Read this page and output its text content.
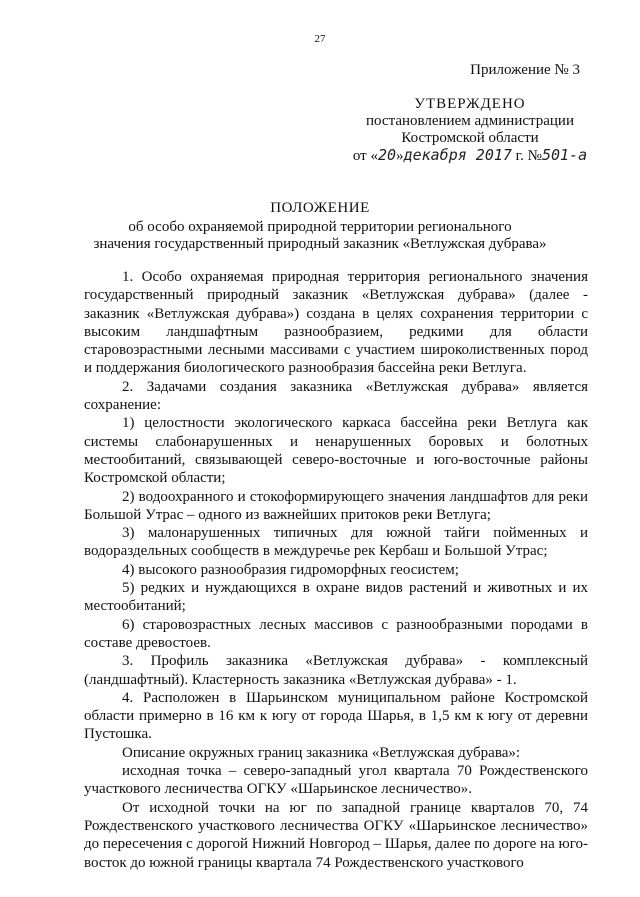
27
Приложение № 3
УТВЕРЖДЕНО
постановлением администрации
Костромской области
от «20»декабря 2017 г. №501-а
ПОЛОЖЕНИЕ
об особо охраняемой природной территории регионального
значения государственный природный заказник «Ветлужская дубрава»

1. Особо охраняемая природная территория регионального значения государственный природный заказник «Ветлужская дубрава» (далее - заказник «Ветлужская дубрава») создана в целях сохранения территории с высоким ландшафтным разнообразием, редкими для области старовозрастными лесными массивами с участием широколиственных пород и поддержания биологического разнообразия бассейна реки Ветлуга.

2. Задачами создания заказника «Ветлужская дубрава» является сохранение:

1) целостности экологического каркаса бассейна реки Ветлуга как системы слабонарушенных и ненарушенных боровых и болотных местообитаний, связывающей северо-восточные и юго-восточные районы Костромской области;

2) водоохранного и стокоформирующего значения ландшафтов для реки Большой Утрас – одного из важнейших притоков реки Ветлуга;

3) малонарушенных типичных для южной тайги пойменных и водораздельных сообществ в междуречье рек Кербаш и Большой Утрас;

4) высокого разнообразия гидроморфных геосистем;

5) редких и нуждающихся в охране видов растений и животных и их местообитаний;

6) старовозрастных лесных массивов с разнообразными породами в составе древостоев.

3. Профиль заказника «Ветлужская дубрава» - комплексный (ландшафтный). Кластерность заказника «Ветлужская дубрава» - 1.

4. Расположен в Шарьинском муниципальном районе Костромской области примерно в 16 км к югу от города Шарья, в 1,5 км к югу от деревни Пустошка.

Описание окружных границ заказника «Ветлужская дубрава»:

исходная точка – северо-западный угол квартала 70 Рождественского участкового лесничества ОГКУ «Шарьинское лесничество».

От исходной точки на юг по западной границе кварталов 70, 74 Рождественского участкового лесничества ОГКУ «Шарьинское лесничество» до пересечения с дорогой Нижний Новгород – Шарья, далее по дороге на юго-восток до южной границы квартала 74 Рождественского участкового
